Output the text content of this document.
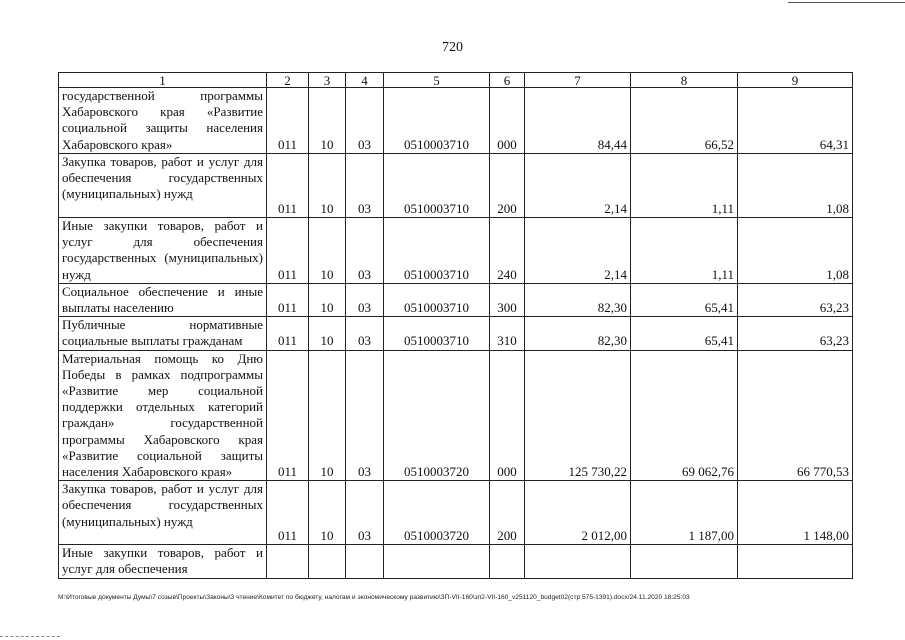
720
1	2	3	4	5	6	7	8	9
государственной программы Хабаровского края «Развитие социальной защиты населения Хабаровского края»	011	10	03	0510003710	000	84,44	66,52	64,31
Закупка товаров, работ и услуг для обеспечения государственных (муниципальных) нужд	011	10	03	0510003710	200	2,14	1,11	1,08
Иные закупки товаров, работ и услуг для обеспечения государственных (муниципальных) нужд	011	10	03	0510003710	240	2,14	1,11	1,08
Социальное обеспечение и иные выплаты населению	011	10	03	0510003710	300	82,30	65,41	63,23
Публичные нормативные социальные выплаты гражданам	011	10	03	0510003710	310	82,30	65,41	63,23
Материальная помощь ко Дню Победы в рамках подпрограммы «Развитие мер социальной поддержки отдельных категорий граждан» государственной программы Хабаровского края «Развитие социальной защиты населения Хабаровского края»	011	10	03	0510003720	000	125 730,22	69 062,76	66 770,53
Закупка товаров, работ и услуг для обеспечения государственных (муниципальных) нужд	011	10	03	0510003720	200	2 012,00	1 187,00	1 148,00
Иные закупки товаров, работ и услуг для обеспечения								
M:\Итоговые документы Думы\7 созыв\Проекты\Законы\3 чтение\Комитет по бюджету, налогам и экономическому развитию\ЗП-VII-160\зп2-VII-160_v251120_budget02(стр 575-1391).docx/24.11.2020 18:25:03
